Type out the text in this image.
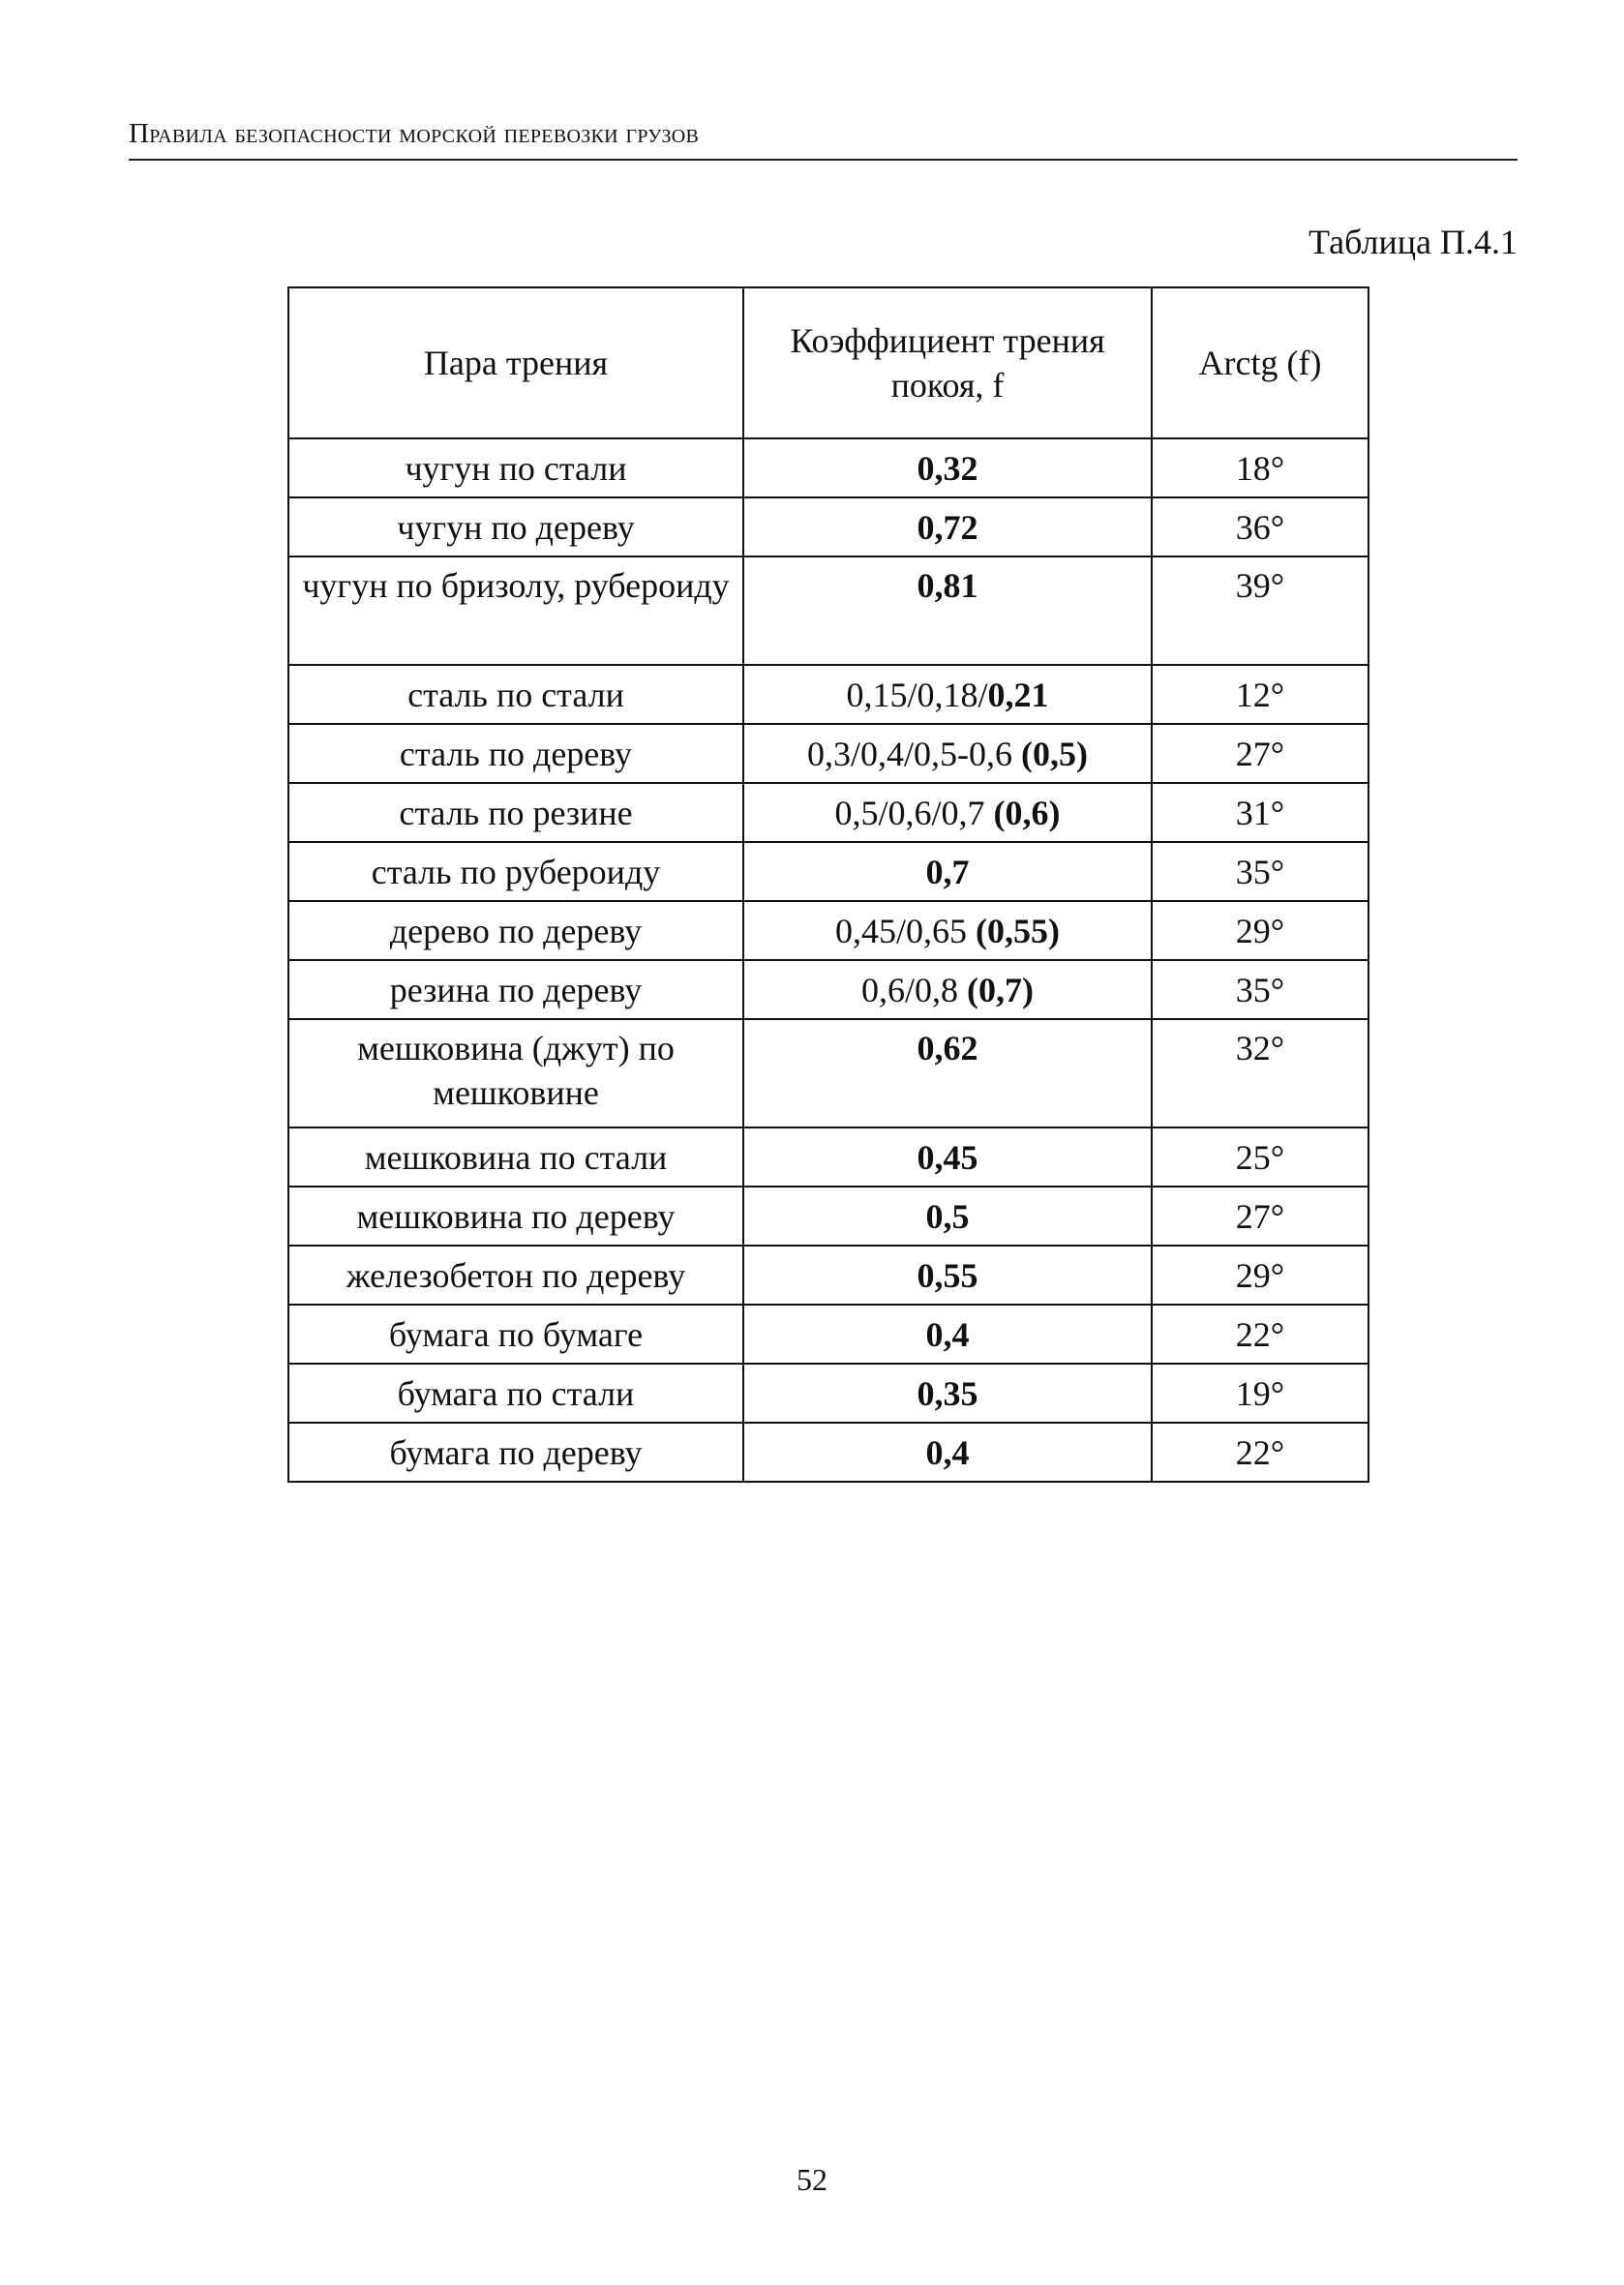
Правила безопасности морской перевозки грузов
Таблица П.4.1
Пара трения	Коэффициент трения покоя, f	Arctg (f)
чугун по стали	0,32	18°
чугун по дереву	0,72	36°
чугун по бризолу, рубероиду	0,81	39°
сталь по стали	0,15/0,18/0,21	12°
сталь по дереву	0,3/0,4/0,5-0,6 (0,5)	27°
сталь по резине	0,5/0,6/0,7 (0,6)	31°
сталь по рубероиду	0,7	35°
дерево по дереву	0,45/0,65 (0,55)	29°
резина по дереву	0,6/0,8 (0,7)	35°
мешковина (джут) по мешковине	0,62	32°
мешковина по стали	0,45	25°
мешковина по дереву	0,5	27°
железобетон по дереву	0,55	29°
бумага по бумаге	0,4	22°
бумага по стали	0,35	19°
бумага по дереву	0,4	22°
52
